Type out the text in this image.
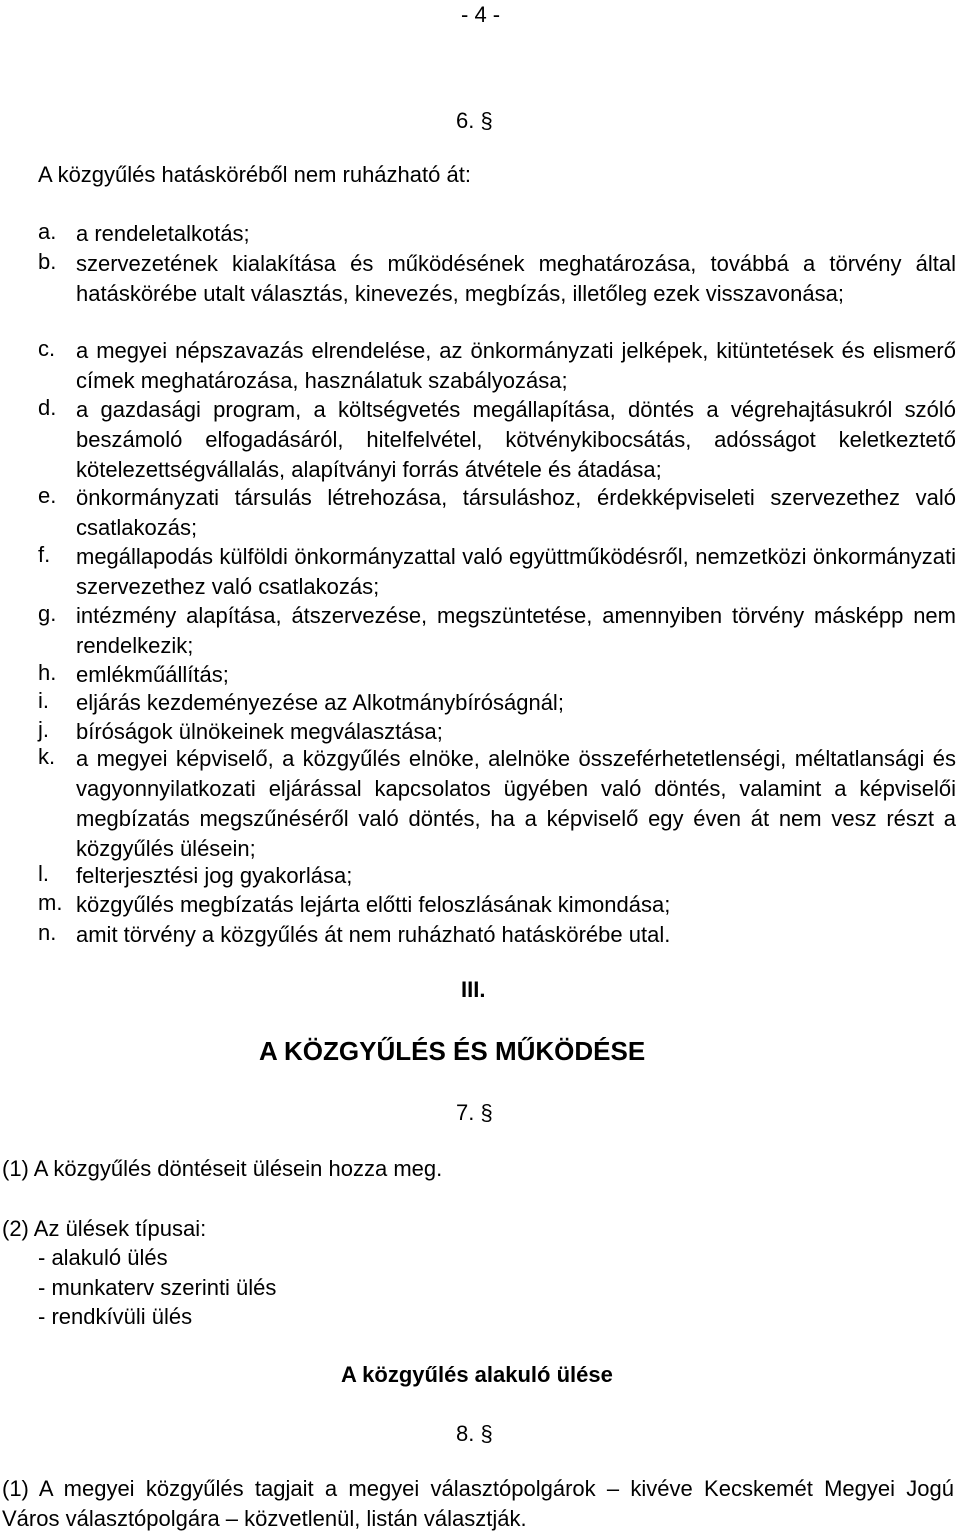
- 4 -
6. §
A közgyűlés hatásköréből nem ruházható át:
a. a rendeletalkotás;
b. szervezetének kialakítása és működésének meghatározása, továbbá a törvény által hatáskörébe utalt választás, kinevezés, megbízás, illetőleg ezek visszavonása;
c. a megyei népszavazás elrendelése, az önkormányzati jelképek, kitüntetések és elismerő címek meghatározása, használatuk szabályozása;
d. a gazdasági program, a költségvetés megállapítása, döntés a végrehajtásukról szóló beszámoló elfogadásáról, hitelfelvétel, kötvénykibocsátás, adósságot keletkeztető kötelezettségvállalás, alapítványi forrás átvétele és átadása;
e. önkormányzati társulás létrehozása, társuláshoz, érdekképviseleti szervezethez való csatlakozás;
f. megállapodás külföldi önkormányzattal való együttműködésről, nemzetközi önkormányzati szervezethez való csatlakozás;
g. intézmény alapítása, átszervezése, megszüntetése, amennyiben törvény másképp nem rendelkezik;
h. emlékműállítás;
i. eljárás kezdeményezése az Alkotmánybíróságnál;
j. bíróságok ülnökeinek megválasztása;
k. a megyei képviselő, a közgyűlés elnöke, alelnöke összeférhetetlenségi, méltatlansági és vagyonnyilatkozati eljárással kapcsolatos ügyében való döntés, valamint a képviselői megbízatás megszűnéséről való döntés, ha a képviselő egy éven át nem vesz részt a közgyűlés ülésein;
l. felterjesztési jog gyakorlása;
m. közgyűlés megbízatás lejárta előtti feloszlásának kimondása;
n. amit törvény a közgyűlés át nem ruházható hatáskörébe utal.
III.
A KÖZGYŰLÉS ÉS MŰKÖDÉSE
7. §
(1) A közgyűlés döntéseit ülésein hozza meg.
(2) Az ülések típusai:
- alakuló ülés
- munkaterv szerinti ülés
- rendkívüli ülés
A közgyűlés alakuló ülése
8. §
(1) A megyei közgyűlés tagjait a megyei választópolgárok – kivéve Kecskemét Megyei Jogú Város választópolgára – közvetlenül, listán választják.
